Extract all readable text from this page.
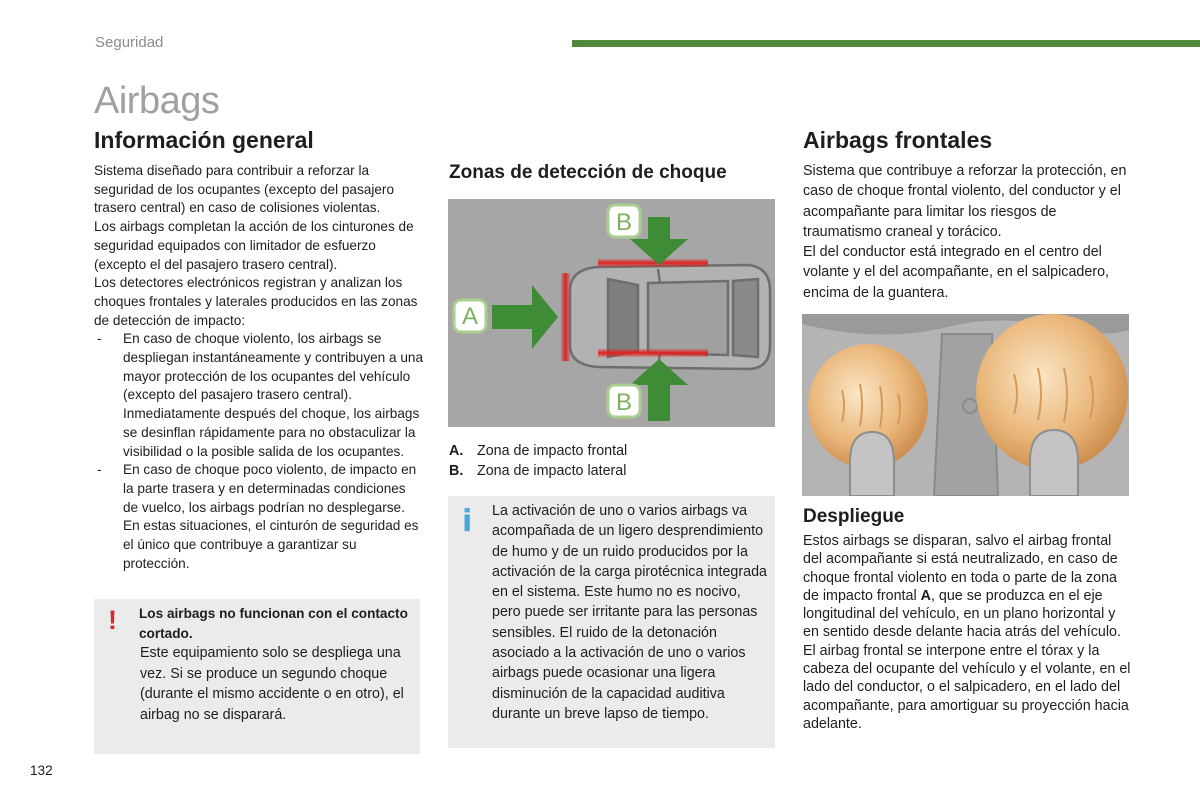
Seguridad
Airbags
Información general

Sistema diseñado para contribuir a reforzar la seguridad de los ocupantes (excepto del pasajero trasero central) en caso de colisiones violentas.

Los airbags completan la acción de los cinturones de seguridad equipados con limitador de esfuerzo (excepto el del pasajero trasero central).

Los detectores electrónicos registran y analizan los choques frontales y laterales producidos en las zonas de detección de impacto:

- En caso de choque violento, los airbags se despliegan instantáneamente y contribuyen a una mayor protección de los ocupantes del vehículo (excepto del pasajero trasero central). Inmediatamente después del choque, los airbags se desinflan rápidamente para no obstaculizar la visibilidad o la posible salida de los ocupantes.
- En caso de choque poco violento, de impacto en la parte trasera y en determinadas condiciones de vuelco, los airbags podrían no desplegarse. En estas situaciones, el cinturón de seguridad es el único que contribuye a garantizar su protección.
! Los airbags no funcionan con el contacto cortado.
Este equipamiento solo se despliega una vez. Si se produce un segundo choque (durante el mismo accidente o en otro), el airbag no se disparará.
Zonas de detección de choque
A
B
B
A. Zona de impacto frontal
B. Zona de impacto lateral
i La activación de uno o varios airbags va acompañada de un ligero desprendimiento de humo y de un ruido producidos por la activación de la carga pirotécnica integrada en el sistema. Este humo no es nocivo, pero puede ser irritante para las personas sensibles. El ruido de la detonación asociado a la activación de uno o varios airbags puede ocasionar una ligera disminución de la capacidad auditiva durante un breve lapso de tiempo.
Airbags frontales

Sistema que contribuye a reforzar la protección, en caso de choque frontal violento, del conductor y el acompañante para limitar los riesgos de traumatismo craneal y torácico.

El del conductor está integrado en el centro del volante y el del acompañante, en el salpicadero, encima de la guantera.

Despliegue

Estos airbags se disparan, salvo el airbag frontal del acompañante si está neutralizado, en caso de choque frontal violento en toda o parte de la zona de impacto frontal A, que se produzca en el eje longitudinal del vehículo, en un plano horizontal y en sentido desde delante hacia atrás del vehículo.

El airbag frontal se interpone entre el tórax y la cabeza del ocupante del vehículo y el volante, en el lado del conductor, o el salpicadero, en el lado del acompañante, para amortiguar su proyección hacia adelante.

132
